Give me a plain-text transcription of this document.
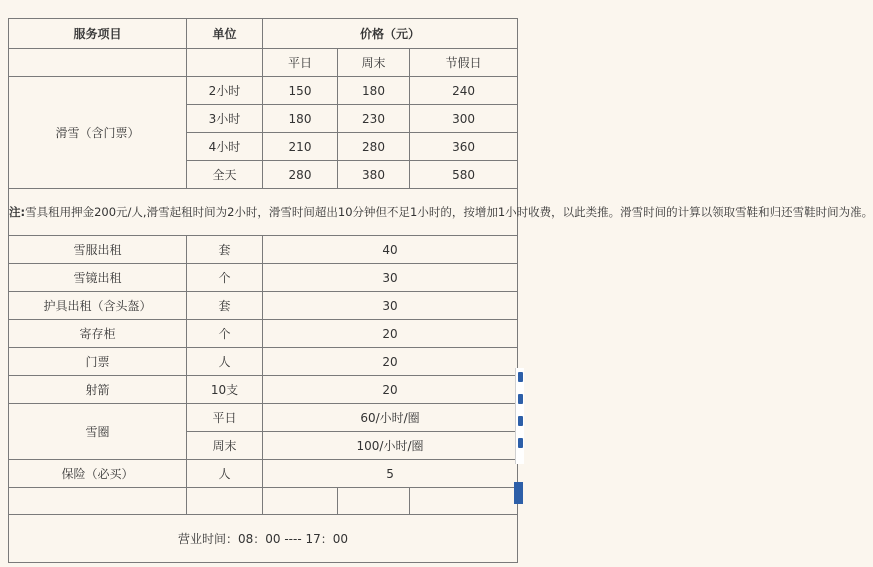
服务项目	单位	价格（元）		
		平日	周末	节假日
滑雪（含门票）	2小时	150	180	240
	3小时	180	230	300
	4小时	210	280	360
	全天	280	380	580
注:雪具租用押金200元/人,滑雪起租时间为2小时，滑雪时间超出10分钟但不足1小时的，按增加1小时收费，以此类推。滑雪时间的计算以领取雪鞋和归还雪鞋时间为准。				
雪服出租	套	40		
雪镜出租	个	30		
护具出租（含头盔）	套	30		
寄存柜	个	20		
门票	人	20		
射箭	10支	20		
雪圈	平日	60/小时/圈		
	周末	100/小时/圈		
保险（必买）	人	5		

营业时间：08：00 ---- 17：00				
